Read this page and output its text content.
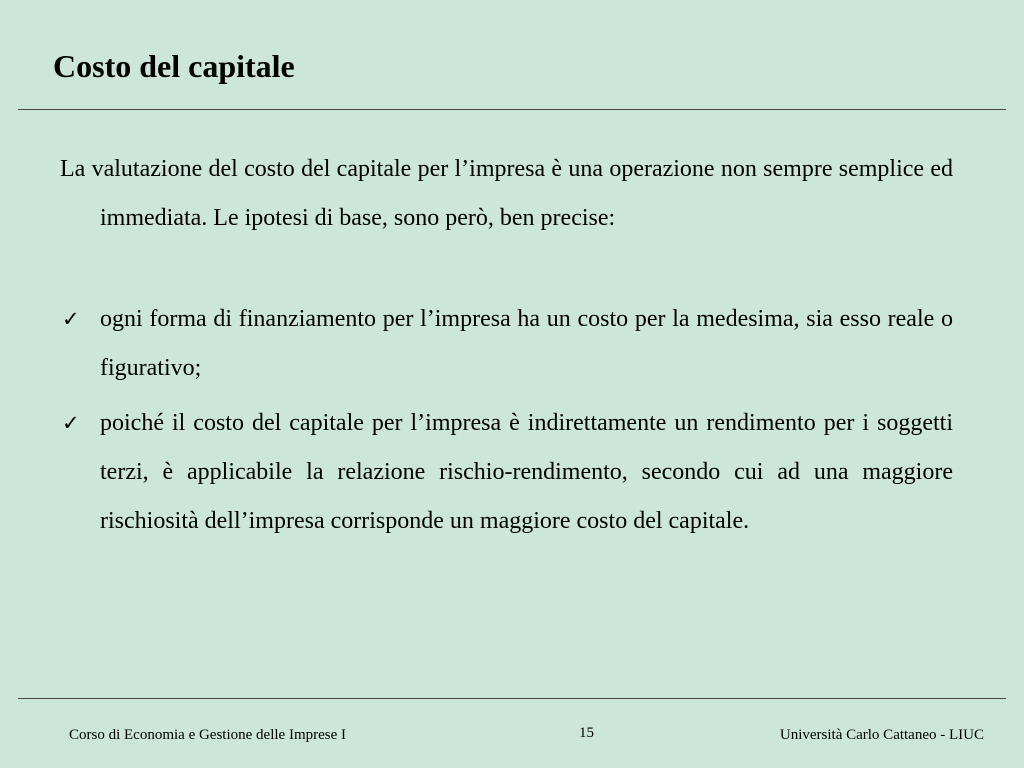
Costo del capitale

La valutazione del costo del capitale per l’impresa è una operazione non sempre semplice ed immediata. Le ipotesi di base, sono però, ben precise:

✓ ogni forma di finanziamento per l’impresa ha un costo per la medesima, sia esso reale o figurativo;
✓ poiché il costo del capitale per l’impresa è indirettamente un rendimento per i soggetti terzi, è applicabile la relazione rischio-rendimento, secondo cui ad una maggiore rischiosità dell’impresa corrisponde un maggiore costo del capitale.
Corso di Economia e Gestione delle Imprese I	15	Università Carlo Cattaneo - LIUC
